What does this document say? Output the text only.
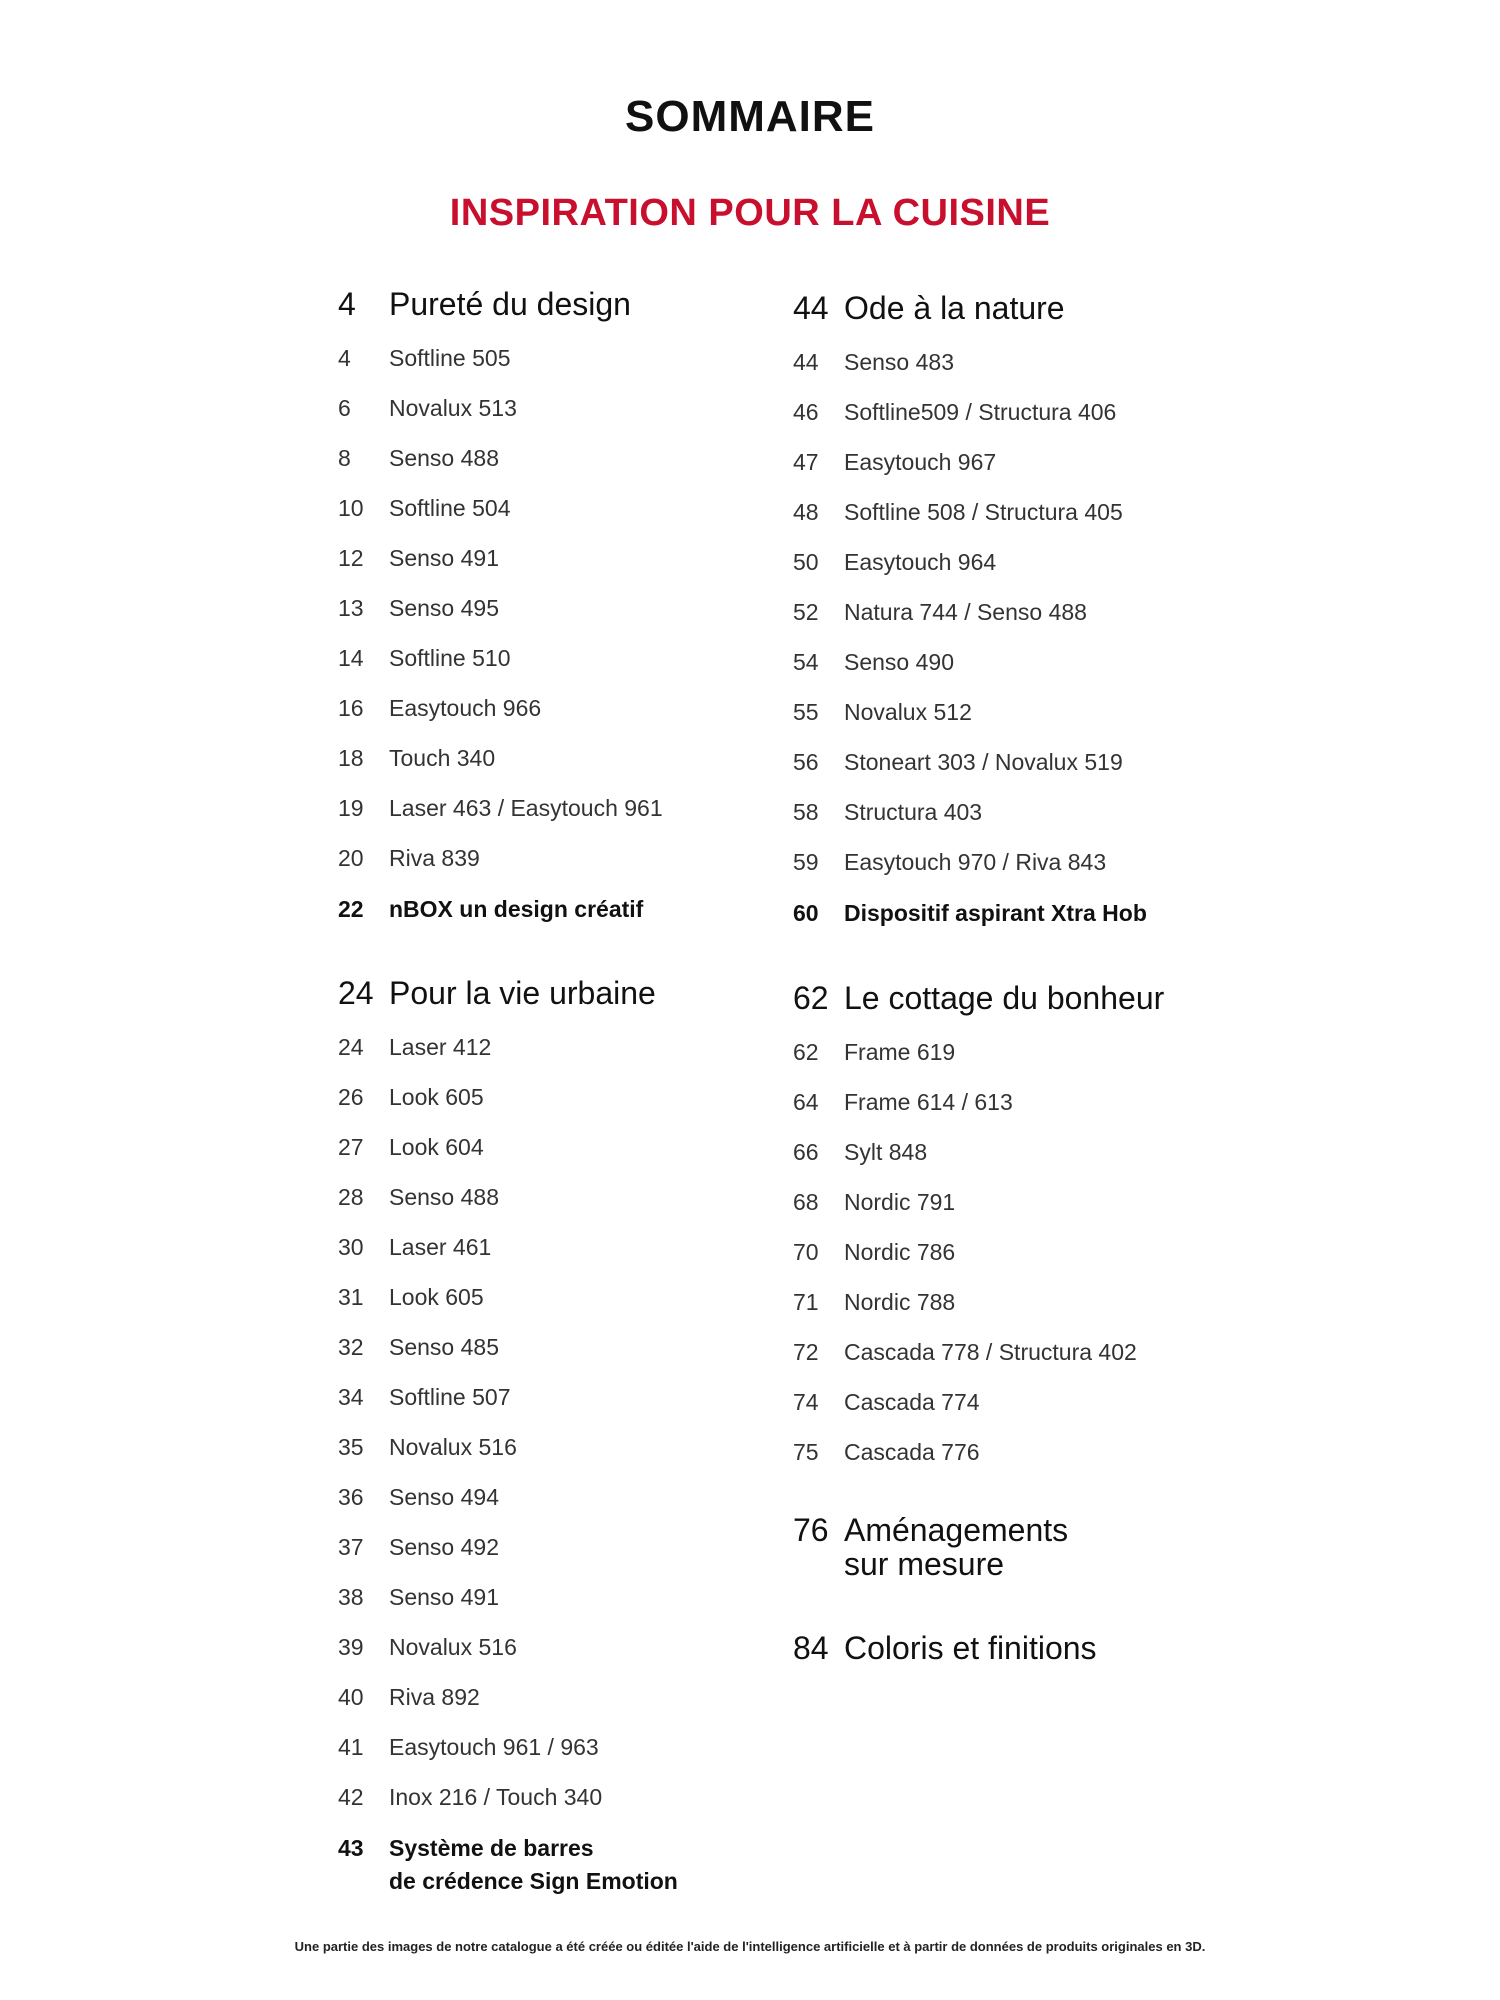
SOMMAIRE
INSPIRATION POUR LA CUISINE
4	Pureté du design
4	Softline 505
6	Novalux 513
8	Senso 488
10	Softline 504
12	Senso 491
13	Senso 495
14	Softline 510
16	Easytouch 966
18	Touch 340
19	Laser 463 / Easytouch 961
20	Riva 839
22	nBOX un design créatif
24 Pour la vie urbaine
24	Laser 412
26	Look 605
27	Look 604
28	Senso 488
30	Laser 461
31	Look 605
32	Senso 485
34	Softline 507
35	Novalux 516
36	Senso 494
37	Senso 492
38	Senso 491
39	Novalux 516
40	Riva 892
41	Easytouch 961 / 963
42	Inox 216 / Touch 340
43	Système de barres
de crédence Sign Emotion
44 Ode à la nature
44	Senso 483
46	Softline509 / Structura 406
47	Easytouch 967
48	Softline 508 / Structura 405
50	Easytouch 964
52	Natura 744 / Senso 488
54	Senso 490
55	Novalux 512
56	Stoneart 303 / Novalux 519
58	Structura 403
59	Easytouch 970 / Riva 843
60	Dispositif aspirant Xtra Hob
62 Le cottage du bonheur
62	Frame 619
64	Frame 614 / 613
66	Sylt 848
68	Nordic 791
70	Nordic 786
71	Nordic 788
72	Cascada 778 / Structura 402
74	Cascada 774
75	Cascada 776
76 Aménagements
sur mesure
84 Coloris et finitions
Une partie des images de notre catalogue a été créée ou éditée l'aide de l'intelligence artificielle et à partir de données de produits originales en 3D.
